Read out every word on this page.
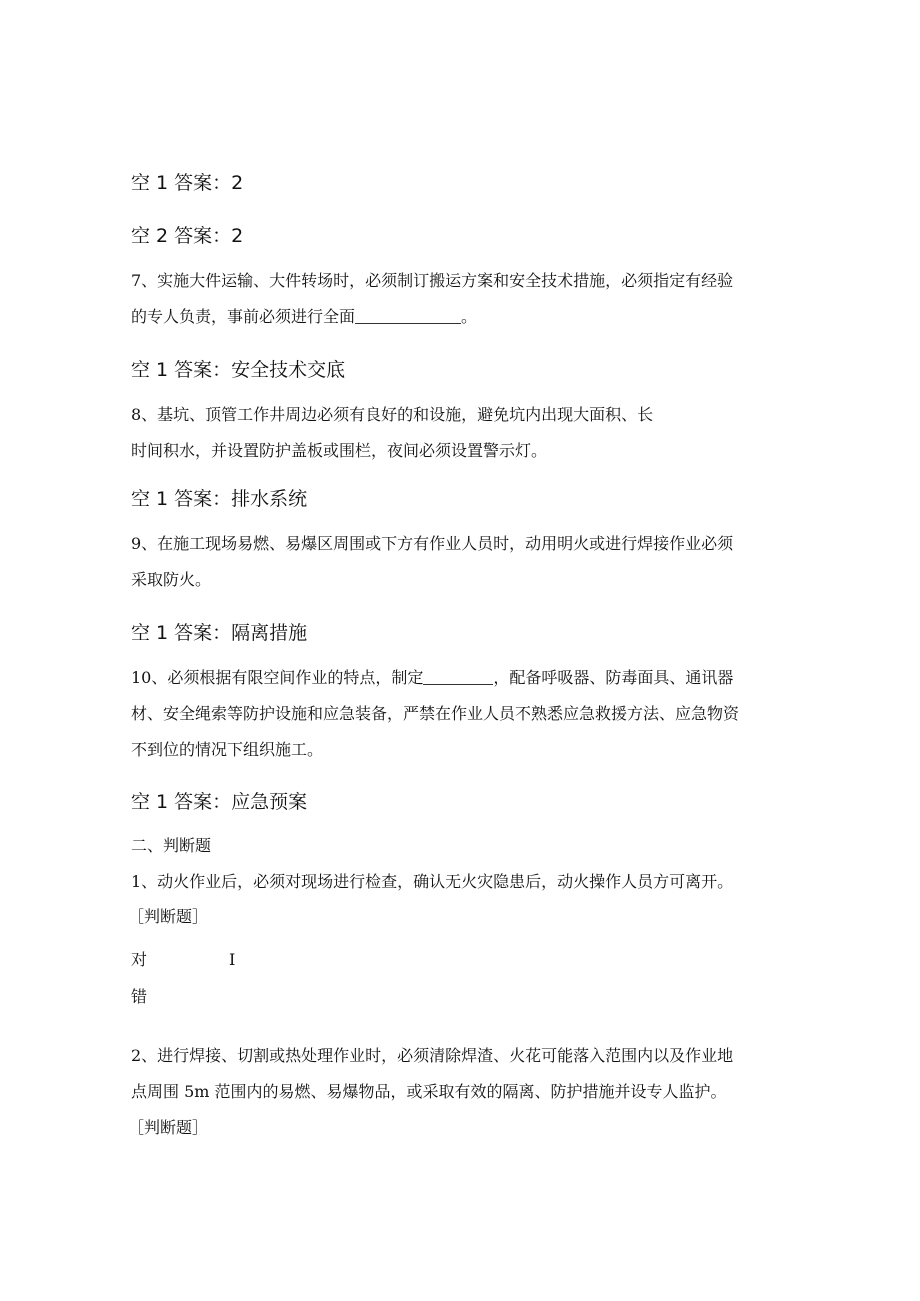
空 1 答案：2
空 2 答案：2
7、实施大件运输、大件转场时，必须制订搬运方案和安全技术措施，必须指定有经验
的专人负责，事前必须进行全面	。
空 1 答案：安全技术交底
8、基坑、顶管工作井周边必须有良好的和设施，避免坑内出现大面积、长
时间积水，并设置防护盖板或围栏，夜间必须设置警示灯。
空 1 答案：排水系统
9、在施工现场易燃、易爆区周围或下方有作业人员时，动用明火或进行焊接作业必须
采取防火。
空 1 答案：隔离措施
10、必须根据有限空间作业的特点，制定	，配备呼吸器、防毒面具、通讯器
材、安全绳索等防护设施和应急装备，严禁在作业人员不熟悉应急救援方法、应急物资
不到位的情况下组织施工。
空 1 答案：应急预案
二、判断题
1、动火作业后，必须对现场进行检查，确认无火灾隐患后，动火操作人员方可离开。
［判断题］
对	I
错
2、进行焊接、切割或热处理作业时，必须清除焊渣、火花可能落入范围内以及作业地
点周围 5m 范围内的易燃、易爆物品，或采取有效的隔离、防护措施并设专人监护。
［判断题］
